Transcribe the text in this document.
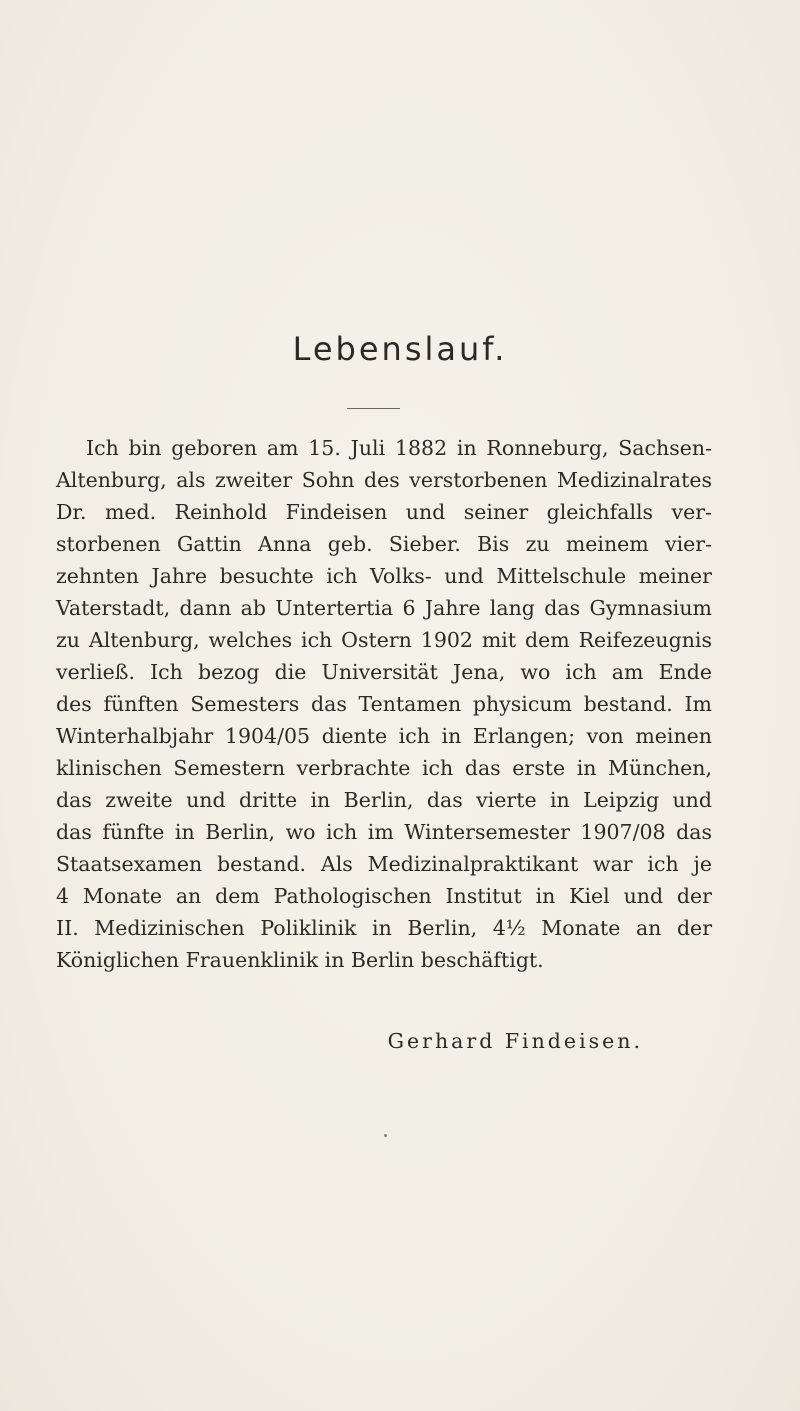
Lebenslauf.
Ich bin geboren am 15. Juli 1882 in Ronneburg, Sachsen-
Altenburg, als zweiter Sohn des verstorbenen Medizinalrates
Dr. med. Reinhold Findeisen und seiner gleichfalls ver-
storbenen Gattin Anna geb. Sieber. Bis zu meinem vier-
zehnten Jahre besuchte ich Volks- und Mittelschule meiner
Vaterstadt, dann ab Untertertia 6 Jahre lang das Gymnasium
zu Altenburg, welches ich Ostern 1902 mit dem Reifezeugnis
verließ. Ich bezog die Universität Jena, wo ich am Ende
des fünften Semesters das Tentamen physicum bestand. Im
Winterhalbjahr 1904/05 diente ich in Erlangen; von meinen
klinischen Semestern verbrachte ich das erste in München,
das zweite und dritte in Berlin, das vierte in Leipzig und
das fünfte in Berlin, wo ich im Wintersemester 1907/08 das
Staatsexamen bestand. Als Medizinalpraktikant war ich je
4 Monate an dem Pathologischen Institut in Kiel und der
II. Medizinischen Poliklinik in Berlin, 4½ Monate an der
Königlichen Frauenklinik in Berlin beschäftigt.
Gerhard Findeisen.
